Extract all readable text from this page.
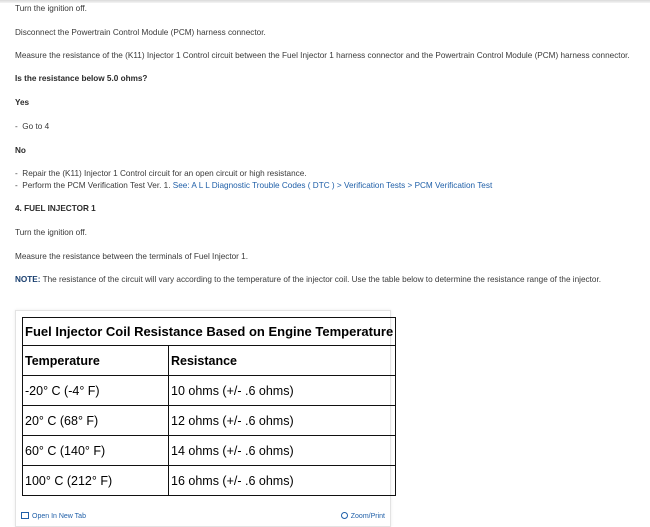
Turn the ignition off.
Disconnect the Powertrain Control Module (PCM) harness connector.
Measure the resistance of the (K11) Injector 1 Control circuit between the Fuel Injector 1 harness connector and the Powertrain Control Module (PCM) harness connector.
Is the resistance below 5.0 ohms?
Yes
-  Go to 4
No
-  Repair the (K11) Injector 1 Control circuit for an open circuit or high resistance.
-  Perform the PCM Verification Test Ver. 1. See: A L L Diagnostic Trouble Codes ( DTC ) > Verification Tests > PCM Verification Test
4. FUEL INJECTOR 1
Turn the ignition off.
Measure the resistance between the terminals of Fuel Injector 1.
NOTE: The resistance of the circuit will vary according to the temperature of the injector coil. Use the table below to determine the resistance range of the injector.
Fuel Injector Coil Resistance Based on Engine Temperature	
Temperature	Resistance
-20° C (-4° F)	10 ohms (+/- .6 ohms)
20° C (68° F)	12 ohms (+/- .6 ohms)
60° C (140° F)	14 ohms (+/- .6 ohms)
100° C (212° F)	16 ohms (+/- .6 ohms)
Open In New Tab	Zoom/Print
